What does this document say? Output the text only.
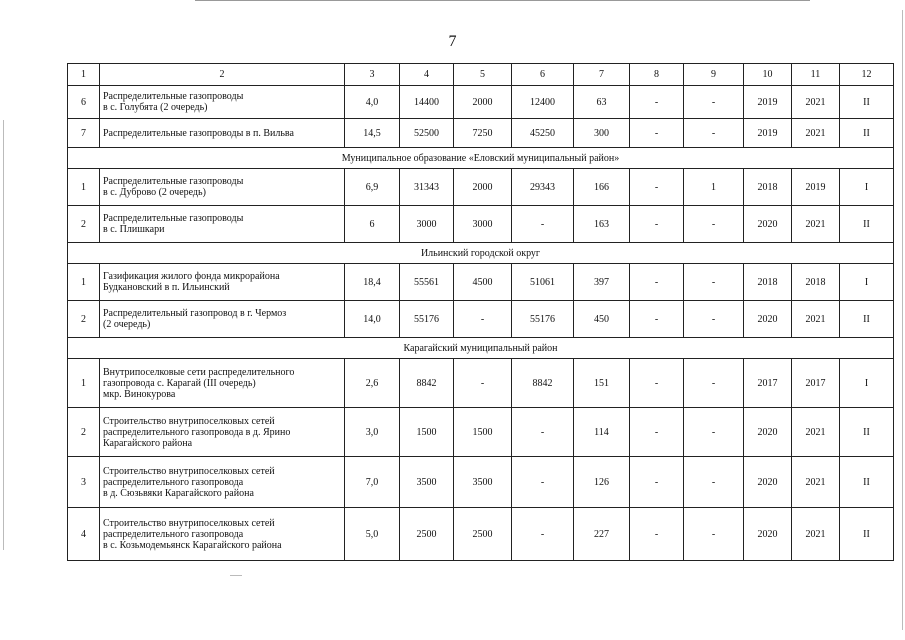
7
1	2	3	4	5	6	7	8	9	10	11	12
6	Распределительные газопроводы
в с. Голубята (2 очередь)	4,0	14400	2000	12400	63	-	-	2019	2021	II
7	Распределительные газопроводы в п. Вильва	14,5	52500	7250	45250	300	-	-	2019	2021	II
Муниципальное образование «Еловский муниципальный район»											
1	Распределительные газопроводы
в с. Дуброво (2 очередь)	6,9	31343	2000	29343	166	-	1	2018	2019	I
2	Распределительные газопроводы
в с. Плишкари	6	3000	3000	-	163	-	-	2020	2021	II
Ильинский городской округ											
1	Газификация жилого фонда микрорайона
Будкановский в п. Ильинский	18,4	55561	4500	51061	397	-	-	2018	2018	I
2	Распределительный газопровод в г. Чермоз
(2 очередь)	14,0	55176	-	55176	450	-	-	2020	2021	II
Карагайский муниципальный район											
1	Внутрипоселковые сети распределительного
газопровода с. Карагай (III очередь)
мкр. Винокурова	2,6	8842	-	8842	151	-	-	2017	2017	I
2	Строительство внутрипоселковых сетей
распределительного газопровода в д. Ярино
Карагайского района	3,0	1500	1500	-	114	-	-	2020	2021	II
3	Строительство внутрипоселковых сетей
распределительного газопровода
в д. Сюзьвяки Карагайского района	7,0	3500	3500	-	126	-	-	2020	2021	II
4	Строительство внутрипоселковых сетей
распределительного газопровода
в с. Козьмодемьянск Карагайского района	5,0	2500	2500	-	227	-	-	2020	2021	II
